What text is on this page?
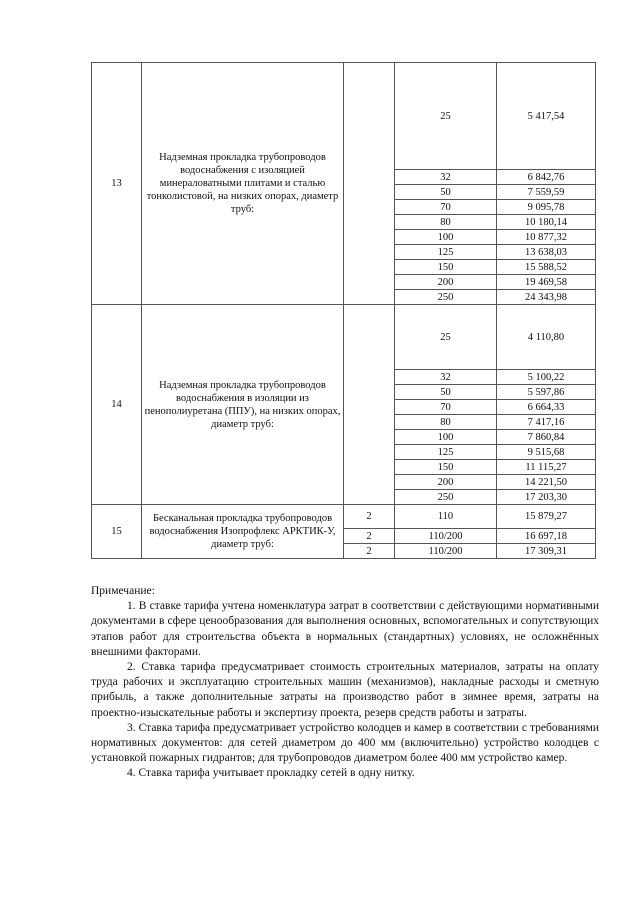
13	Надземная прокладка трубопроводов водоснабжения с изоляцией минераловатными плитами и сталью тонколистовой, на низких опорах, диаметр труб:		25	5 417,54
			32	6 842,76
			50	7 559,59
			70	9 095,78
			80	10 180,14
			100	10 877,32
			125	13 638,03
			150	15 588,52
			200	19 469,58
			250	24 343,98
14	Надземная прокладка трубопроводов водоснабжения в изоляции из пенополиуретана (ППУ), на низких опорах, диаметр труб:		25	4 110,80
			32	5 100,22
			50	5 597,86
			70	6 664,33
			80	7 417,16
			100	7 860,84
			125	9 515,68
			150	11 115,27
			200	14 221,50
			250	17 203,30
15	Бесканальная прокладка трубопроводов водоснабжения Изопрофлекс АРКТИК-У, диаметр труб:	2	110	15 879,27
		2	110/200	16 697,18
		2	110/200	17 309,31

Примечание:

1. В ставке тарифа учтена номенклатура затрат в соответствии с действующими нормативными документами в сфере ценообразования для выполнения основных, вспомогательных и сопутствующих этапов работ для строительства объекта в нормальных (стандартных) условиях, не осложнённых внешними факторами.

2. Ставка тарифа предусматривает стоимость строительных материалов, затраты на оплату труда рабочих и эксплуатацию строительных машин (механизмов), накладные расходы и сметную прибыль, а также дополнительные затраты на производство работ в зимнее время, затраты на проектно-изыскательные работы и экспертизу проекта, резерв средств работы и затраты.

3. Ставка тарифа предусматривает устройство колодцев и камер в соответствии с требованиями нормативных документов: для сетей диаметром до 400 мм (включительно) устройство колодцев с установкой пожарных гидрантов; для трубопроводов диаметром более 400 мм устройство камер.

4. Ставка тарифа учитывает прокладку сетей в одну нитку.
